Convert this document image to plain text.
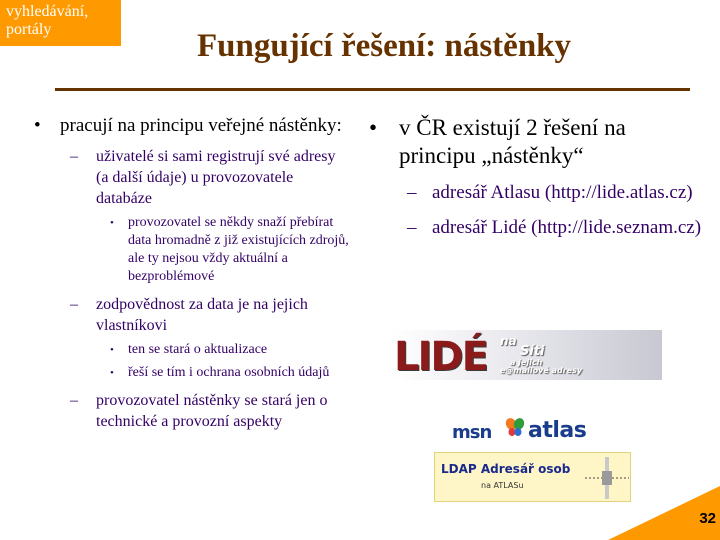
vyhledávání,
portály	Fungující řešení: nástěnky
• pracují na principu veřejné nástěnky:
– uživatelé si sami registrují své adresy (a další údaje) u provozovatele databáze
• provozovatel se někdy snaží přebírat data hromadně z již existujících zdrojů, ale ty nejsou vždy aktuální a bezproblémové
– zodpovědnost za data je na jejich vlastníkovi
• ten se stará o aktualizace
• řeší se tím i ochrana osobních údajů
– provozovatel nástěnky se stará jen o technické a provozní aspekty
• v ČR existují 2 řešení na principu „nástěnky“
– adresář Atlasu (http://lide.atlas.cz)
– adresář Lidé (http://lide.seznam.cz)
LIDÉ na
Síti
a jejich
e@mailové adresy
msn atlas
LDAP Adresář osob
na ATLASu
32
